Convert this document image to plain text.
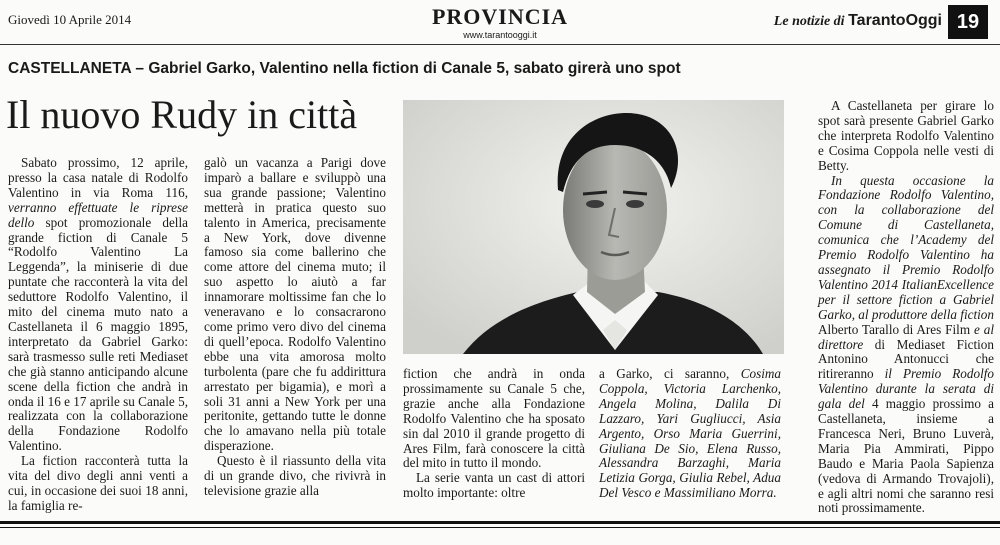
Giovedì 10 Aprile 2014	PROVINCIA
www.tarantooggi.it
Le notizie di TarantoOggi 19
CASTELLANETA – Gabriel Garko, Valentino nella fiction di Canale 5, sabato girerà uno spot
Il nuovo Rudy in città

Sabato prossimo, 12 aprile, presso la casa natale di Rodolfo Valentino in via Roma 116, verranno effettuate le riprese dello spot promozionale della grande fiction di Canale 5 “Rodolfo Valentino La Leggenda”, la miniserie di due puntate che racconterà la vita del seduttore Rodolfo Valentino, il mito del cinema muto nato a Castellaneta il 6 maggio 1895, interpretato da Gabriel Garko: sarà trasmesso sulle reti Mediaset che già stanno anticipando alcune scene della fiction che andrà in onda il 16 e 17 aprile su Canale 5, realizzata con la collaborazione della Fondazione Rodolfo Valentino.

La fiction racconterà tutta la vita del divo degli anni venti a cui, in occasione dei suoi 18 anni, la famiglia re-

galò un vacanza a Parigi dove imparò a ballare e sviluppò una sua grande passione; Valentino metterà in pratica questo suo talento in America, precisamente a New York, dove divenne famoso sia come ballerino che come attore del cinema muto; il suo aspetto lo aiutò a far innamorare moltissime fan che lo veneravano e lo consacrarono come primo vero divo del cinema di quell’epoca. Rodolfo Valentino ebbe una vita amorosa molto turbolenta (pare che fu addirittura arrestato per bigamia), e morì a soli 31 anni a New York per una peritonite, gettando tutte le donne che lo amavano nella più totale disperazione.

Questo è il riassunto della vita di un grande divo, che rivivrà in televisione grazie alla

fiction che andrà in onda prossimamente su Canale 5 che, grazie anche alla Fondazione Rodolfo Valentino che ha sposato sin dal 2010 il grande progetto di Ares Film, farà conoscere la città del mito in tutto il mondo.

La serie vanta un cast di attori molto importante: oltre

a Garko, ci saranno, Cosima Coppola, Victoria Larchenko, Angela Molina, Dalila Di Lazzaro, Yari Gugliucci, Asia Argento, Orso Maria Guerrini, Giuliana De Sio, Elena Russo, Alessandra Barzaghi, Maria Letizia Gorga, Giulia Rebel, Adua Del Vesco e Massimiliano Morra.

A Castellaneta per girare lo spot sarà presente Gabriel Garko che interpreta Rodolfo Valentino e Cosima Coppola nelle vesti di Betty.

In questa occasione la Fondazione Rodolfo Valentino, con la collaborazione del Comune di Castellaneta, comunica che l’Academy del Premio Rodolfo Valentino ha assegnato il Premio Rodolfo Valentino 2014 ItalianExcellence per il settore fiction a Gabriel Garko, al produttore della fiction Alberto Tarallo di Ares Film e al direttore di Mediaset Fiction Antonino Antonucci che ritireranno il Premio Rodolfo Valentino durante la serata di gala del 4 maggio prossimo a Castellaneta, insieme a Francesca Neri, Bruno Luverà, Maria Pia Ammirati, Pippo Baudo e Maria Paola Sapienza (vedova di Armando Trovajoli), e agli altri nomi che saranno resi noti prossimamente.
